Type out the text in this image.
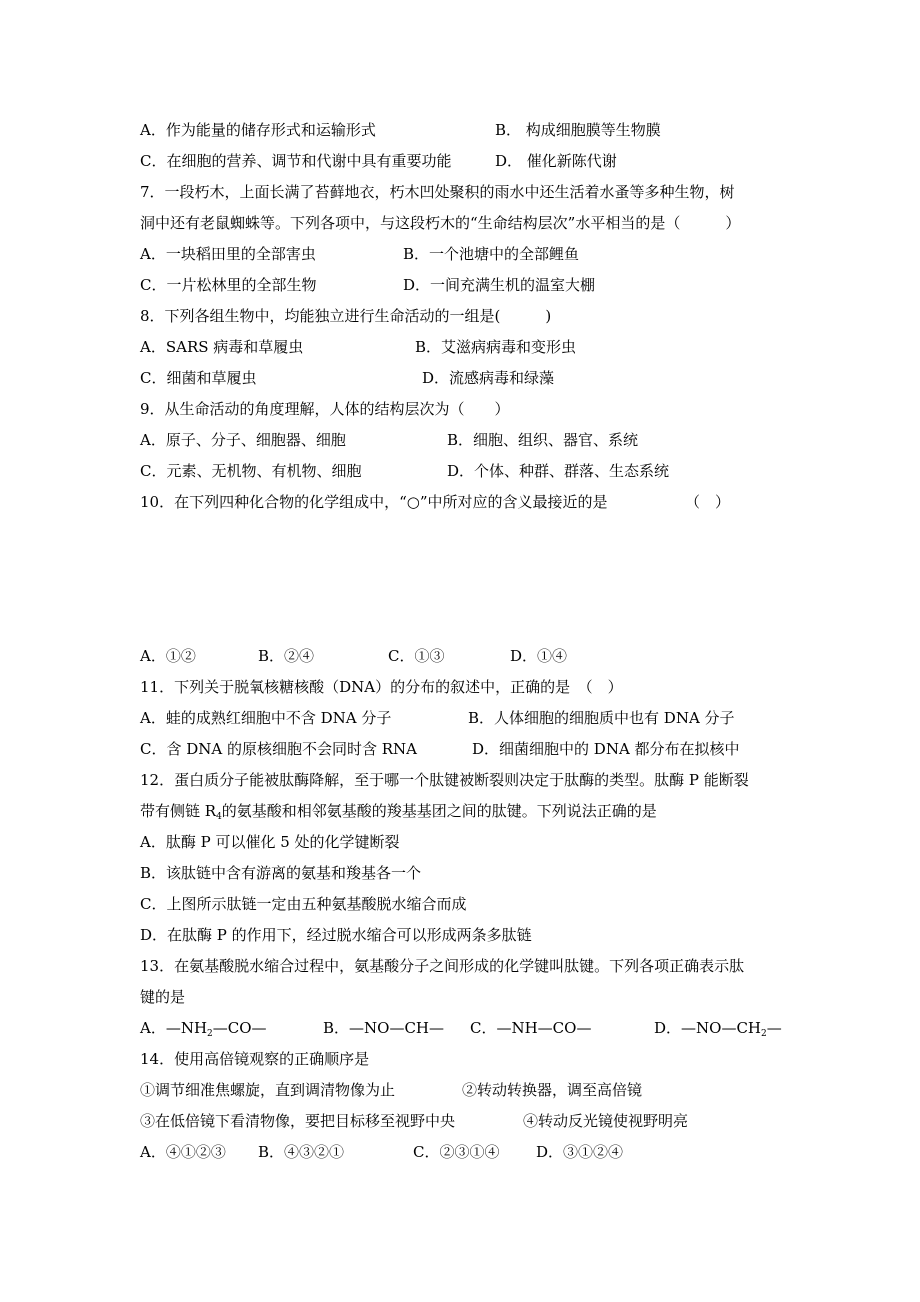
A．作为能量的储存形式和运输形式	B． 构成细胞膜等生物膜
C．在细胞的营养、调节和代谢中具有重要功能	D． 催化新陈代谢
7．一段朽木，上面长满了苔藓地衣，朽木凹处聚积的雨水中还生活着水蚤等多种生物，树
洞中还有老鼠蜘蛛等。下列各项中，与这段朽木的“生命结构层次”水平相当的是（　　　）
A．一块稻田里的全部害虫	B．一个池塘中的全部鲤鱼
C．一片松林里的全部生物	D．一间充满生机的温室大棚
8．下列各组生物中，均能独立进行生命活动的一组是(　　　)
A．SARS 病毒和草履虫	B．艾滋病病毒和变形虫
C．细菌和草履虫	D．流感病毒和绿藻
9．从生命活动的角度理解，人体的结构层次为（　　）
A．原子、分子、细胞器、细胞	B．细胞、组织、器官、系统
C．元素、无机物、有机物、细胞	D．个体、种群、群落、生态系统
10．在下列四种化合物的化学组成中，“○”中所对应的含义最接近的是	（　）
A．①②	B．②④	C．①③	D．①④
11．下列关于脱氧核糖核酸（DNA）的分布的叙述中，正确的是　（　）
A．蛙的成熟红细胞中不含 DNA 分子	B．人体细胞的细胞质中也有 DNA 分子
C．含 DNA 的原核细胞不会同时含 RNA	D．细菌细胞中的 DNA 都分布在拟核中
12．蛋白质分子能被肽酶降解，至于哪一个肽键被断裂则决定于肽酶的类型。肽酶 P 能断裂
带有侧链 $R_4$的氨基酸和相邻氨基酸的羧基基团之间的肽键。下列说法正确的是
A．肽酶 P 可以催化 5 处的化学键断裂
B．该肽链中含有游离的氨基和羧基各一个
C．上图所示肽链一定由五种氨基酸脱水缩合而成
D．在肽酶 P 的作用下，经过脱水缩合可以形成两条多肽链
13．在氨基酸脱水缩合过程中，氨基酸分子之间形成的化学键叫肽键。下列各项正确表示肽
键的是
A．$—NH_2—CO—$	B．—NO—CH— C．—NH—CO—	D．$—NO—CH_2—$
14．使用高倍镜观察的正确顺序是
①调节细准焦螺旋，直到调清物像为止	②转动转换器，调至高倍镜
③在低倍镜下看清物像，要把目标移至视野中央	④转动反光镜使视野明亮
A．④①②③ B．④③②①	C．②③①④ D．③①②④
